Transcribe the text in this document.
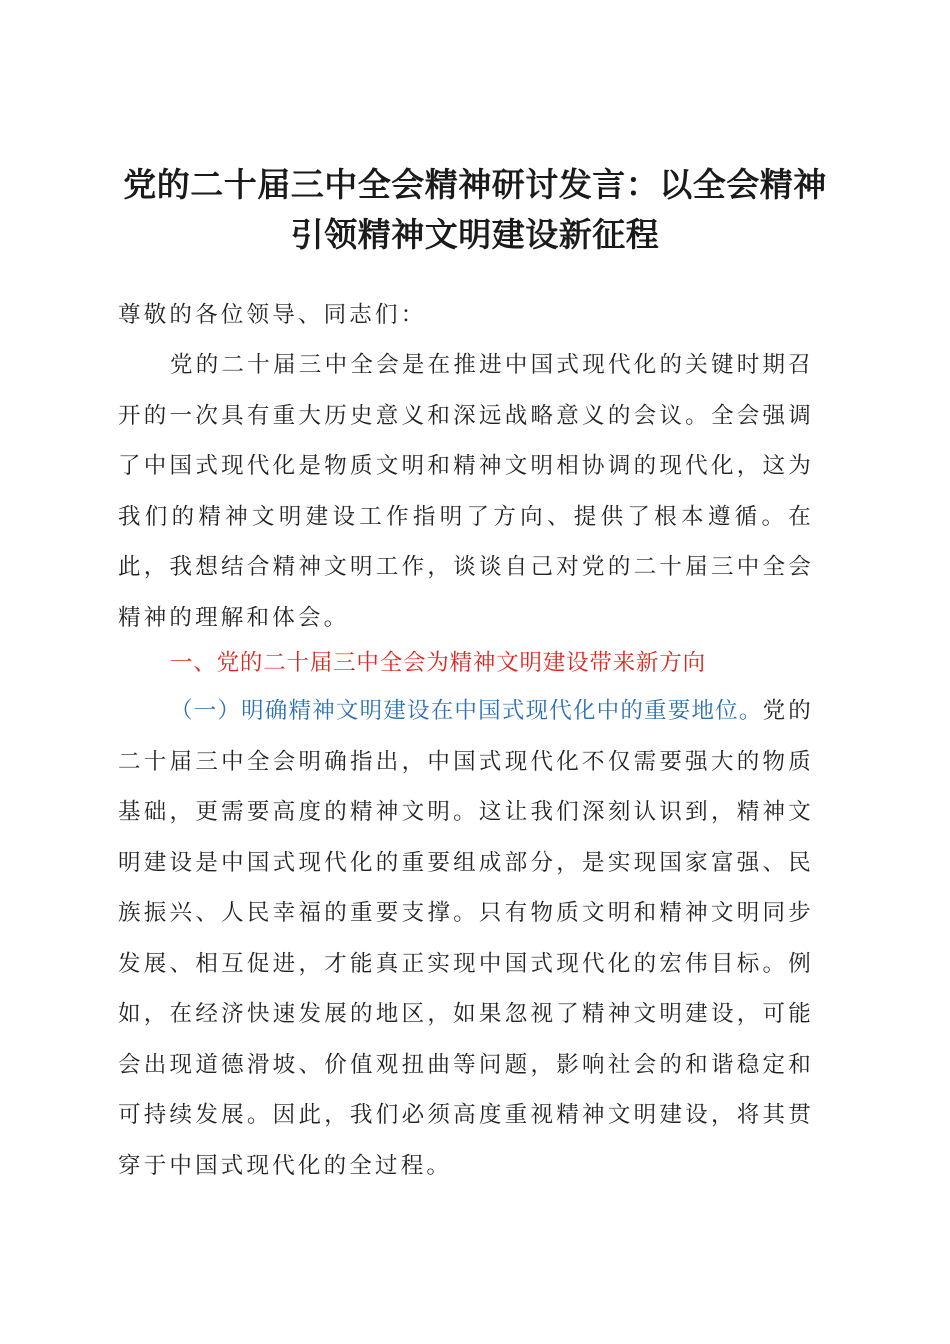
党的二十届三中全会精神研讨发言：以全会精神引领精神文明建设新征程
尊敬的各位领导、同志们：
党的二十届三中全会是在推进中国式现代化的关键时期召开的一次具有重大历史意义和深远战略意义的会议。全会强调了中国式现代化是物质文明和精神文明相协调的现代化，这为我们的精神文明建设工作指明了方向、提供了根本遵循。在此，我想结合精神文明工作，谈谈自己对党的二十届三中全会精神的理解和体会。
一、党的二十届三中全会为精神文明建设带来新方向
（一）明确精神文明建设在中国式现代化中的重要地位。党的二十届三中全会明确指出，中国式现代化不仅需要强大的物质基础，更需要高度的精神文明。这让我们深刻认识到，精神文明建设是中国式现代化的重要组成部分，是实现国家富强、民族振兴、人民幸福的重要支撑。只有物质文明和精神文明同步发展、相互促进，才能真正实现中国式现代化的宏伟目标。例如，在经济快速发展的地区，如果忽视了精神文明建设，可能会出现道德滑坡、价值观扭曲等问题，影响社会的和谐稳定和可持续发展。因此，我们必须高度重视精神文明建设，将其贯穿于中国式现代化的全过程。
